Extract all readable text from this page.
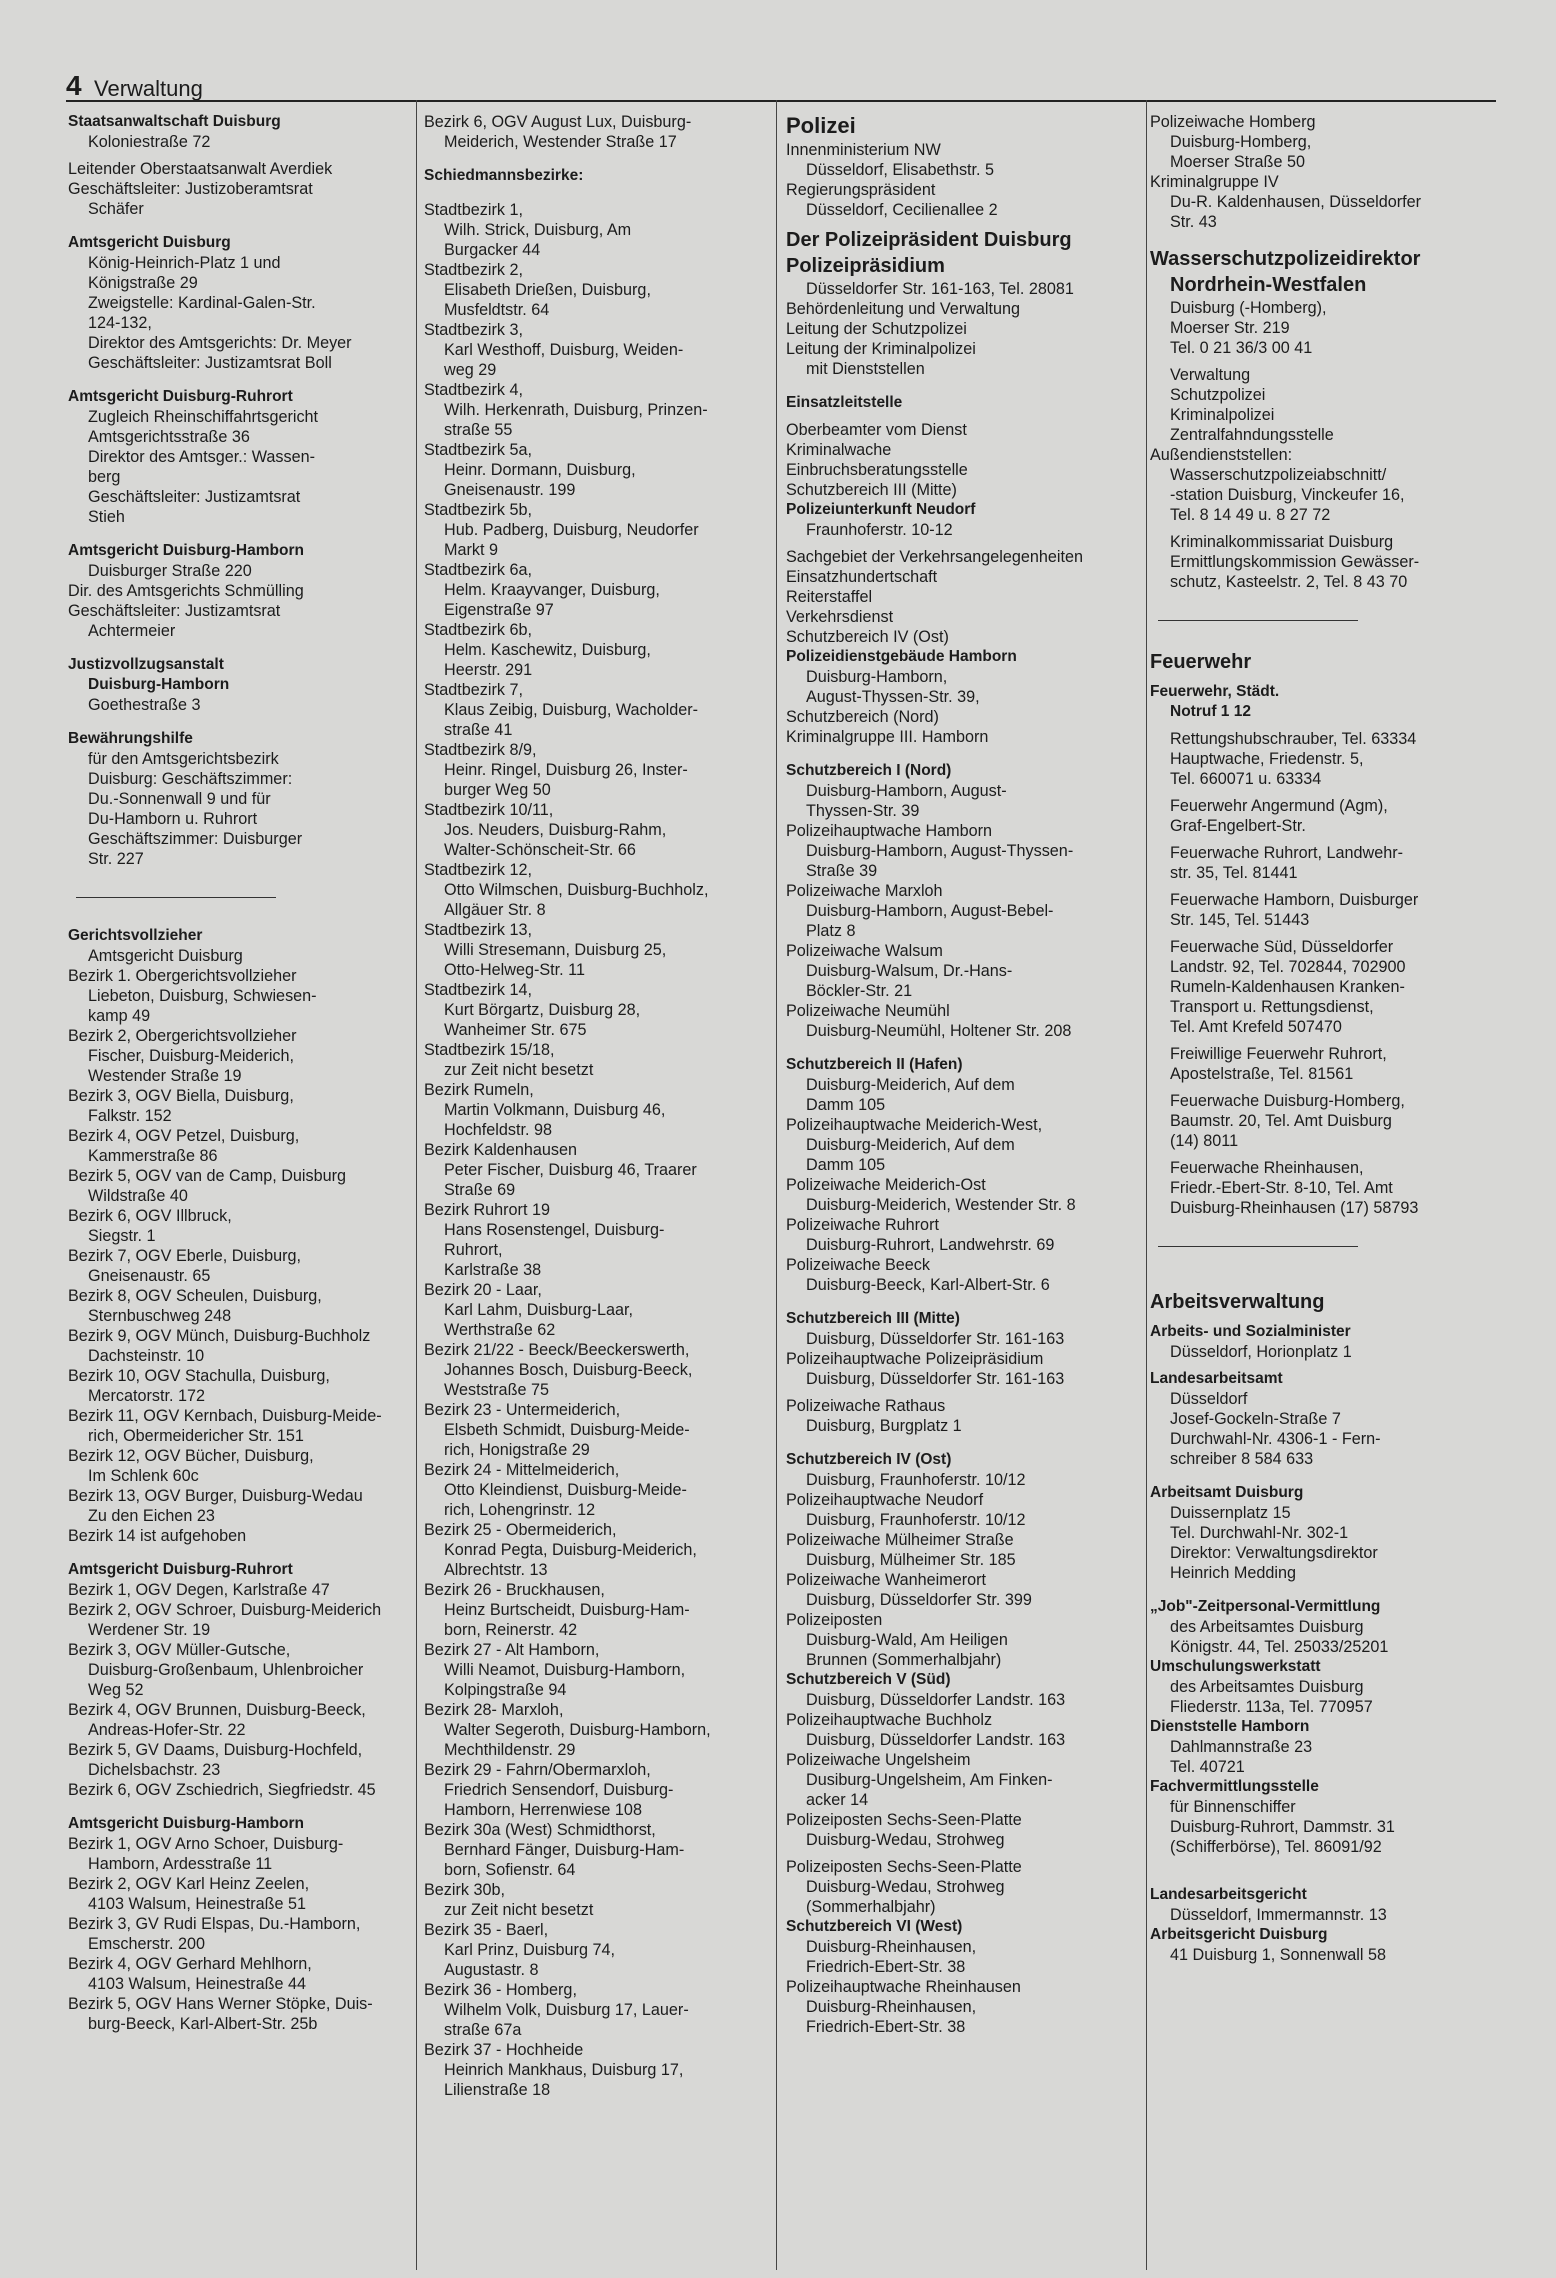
4 Verwaltung
Staatsanwaltschaft Duisburg
Koloniestraße 72
Leitender Oberstaatsanwalt Averdiek
Geschäftsleiter: Justizoberamtsrat
Schäfer
Amtsgericht Duisburg
König-Heinrich-Platz 1 und
Königstraße 29
Zweigstelle: Kardinal-Galen-Str.
124-132,
Direktor des Amtsgerichts: Dr. Meyer
Geschäftsleiter: Justizamtsrat Boll
Amtsgericht Duisburg-Ruhrort
Zugleich Rheinschiffahrtsgericht
Amtsgerichtsstraße 36
Direktor des Amtsger.: Wassen-
berg
Geschäftsleiter: Justizamtsrat
Stieh
Amtsgericht Duisburg-Hamborn
Duisburger Straße 220
Dir. des Amtsgerichts Schmülling
Geschäftsleiter: Justizamtsrat
Achtermeier
Justizvollzugsanstalt
Duisburg-Hamborn
Goethestraße 3
Bewährungshilfe
für den Amtsgerichtsbezirk
Duisburg: Geschäftszimmer:
Du.-Sonnenwall 9 und für
Du-Hamborn u. Ruhrort
Geschäftszimmer: Duisburger
Str. 227
Gerichtsvollzieher
Amtsgericht Duisburg
Bezirk 1. Obergerichtsvollzieher
Liebeton, Duisburg, Schwiesen-
kamp 49
Bezirk 2, Obergerichtsvollzieher
Fischer, Duisburg-Meiderich,
Westender Straße 19
Bezirk 3, OGV Biella, Duisburg,
Falkstr. 152
Bezirk 4, OGV Petzel, Duisburg,
Kammerstraße 86
Bezirk 5, OGV van de Camp, Duisburg
Wildstraße 40
Bezirk 6, OGV Illbruck,
Siegstr. 1
Bezirk 7, OGV Eberle, Duisburg,
Gneisenaustr. 65
Bezirk 8, OGV Scheulen, Duisburg,
Sternbuschweg 248
Bezirk 9, OGV Münch, Duisburg-Buchholz
Dachsteinstr. 10
Bezirk 10, OGV Stachulla, Duisburg,
Mercatorstr. 172
Bezirk 11, OGV Kernbach, Duisburg-Meide-
rich, Obermeidericher Str. 151
Bezirk 12, OGV Bücher, Duisburg,
Im Schlenk 60c
Bezirk 13, OGV Burger, Duisburg-Wedau
Zu den Eichen 23
Bezirk 14 ist aufgehoben
Amtsgericht Duisburg-Ruhrort
Bezirk 1, OGV Degen, Karlstraße 47
Bezirk 2, OGV Schroer, Duisburg-Meiderich
Werdener Str. 19
Bezirk 3, OGV Müller-Gutsche,
Duisburg-Großenbaum, Uhlenbroicher
Weg 52
Bezirk 4, OGV Brunnen, Duisburg-Beeck,
Andreas-Hofer-Str. 22
Bezirk 5, GV Daams, Duisburg-Hochfeld,
Dichelsbachstr. 23
Bezirk 6, OGV Zschiedrich, Siegfriedstr. 45
Amtsgericht Duisburg-Hamborn
Bezirk 1, OGV Arno Schoer, Duisburg-
Hamborn, Ardesstraße 11
Bezirk 2, OGV Karl Heinz Zeelen,
4103 Walsum, Heinestraße 51
Bezirk 3, GV Rudi Elspas, Du.-Hamborn,
Emscherstr. 200
Bezirk 4, OGV Gerhard Mehlhorn,
4103 Walsum, Heinestraße 44
Bezirk 5, OGV Hans Werner Stöpke, Duis-
burg-Beeck, Karl-Albert-Str. 25b
Bezirk 6, OGV August Lux, Duisburg-
Meiderich, Westender Straße 17
Schiedmannsbezirke:
Stadtbezirk 1,
Wilh. Strick, Duisburg, Am
Burgacker 44
Stadtbezirk 2,
Elisabeth Drießen, Duisburg,
Musfeldtstr. 64
Stadtbezirk 3,
Karl Westhoff, Duisburg, Weiden-
weg 29
Stadtbezirk 4,
Wilh. Herkenrath, Duisburg, Prinzen-
straße 55
Stadtbezirk 5a,
Heinr. Dormann, Duisburg,
Gneisenaustr. 199
Stadtbezirk 5b,
Hub. Padberg, Duisburg, Neudorfer
Markt 9
Stadtbezirk 6a,
Helm. Kraayvanger, Duisburg,
Eigenstraße 97
Stadtbezirk 6b,
Helm. Kaschewitz, Duisburg,
Heerstr. 291
Stadtbezirk 7,
Klaus Zeibig, Duisburg, Wacholder-
straße 41
Stadtbezirk 8/9,
Heinr. Ringel, Duisburg 26, Inster-
burger Weg 50
Stadtbezirk 10/11,
Jos. Neuders, Duisburg-Rahm,
Walter-Schönscheit-Str. 66
Stadtbezirk 12,
Otto Wilmschen, Duisburg-Buchholz,
Allgäuer Str. 8
Stadtbezirk 13,
Willi Stresemann, Duisburg 25,
Otto-Helweg-Str. 11
Stadtbezirk 14,
Kurt Börgartz, Duisburg 28,
Wanheimer Str. 675
Stadtbezirk 15/18,
zur Zeit nicht besetzt
Bezirk Rumeln,
Martin Volkmann, Duisburg 46,
Hochfeldstr. 98
Bezirk Kaldenhausen
Peter Fischer, Duisburg 46, Traarer
Straße 69
Bezirk Ruhrort 19
Hans Rosenstengel, Duisburg-
Ruhrort,
Karlstraße 38
Bezirk 20 - Laar,
Karl Lahm, Duisburg-Laar,
Werthstraße 62
Bezirk 21/22 - Beeck/Beeckerswerth,
Johannes Bosch, Duisburg-Beeck,
Weststraße 75
Bezirk 23 - Untermeiderich,
Elsbeth Schmidt, Duisburg-Meide-
rich, Honigstraße 29
Bezirk 24 - Mittelmeiderich,
Otto Kleindienst, Duisburg-Meide-
rich, Lohengrinstr. 12
Bezirk 25 - Obermeiderich,
Konrad Pegta, Duisburg-Meiderich,
Albrechtstr. 13
Bezirk 26 - Bruckhausen,
Heinz Burtscheidt, Duisburg-Ham-
born, Reinerstr. 42
Bezirk 27 - Alt Hamborn,
Willi Neamot, Duisburg-Hamborn,
Kolpingstraße 94
Bezirk 28- Marxloh,
Walter Segeroth, Duisburg-Hamborn,
Mechthildenstr. 29
Bezirk 29 - Fahrn/Obermarxloh,
Friedrich Sensendorf, Duisburg-
Hamborn, Herrenwiese 108
Bezirk 30a (West) Schmidthorst,
Bernhard Fänger, Duisburg-Ham-
born, Sofienstr. 64
Bezirk 30b,
zur Zeit nicht besetzt
Bezirk 35 - Baerl,
Karl Prinz, Duisburg 74,
Augustastr. 8
Bezirk 36 - Homberg,
Wilhelm Volk, Duisburg 17, Lauer-
straße 67a
Bezirk 37 - Hochheide
Heinrich Mankhaus, Duisburg 17,
Lilienstraße 18
Polizei
Innenministerium NW
Düsseldorf, Elisabethstr. 5
Regierungspräsident
Düsseldorf, Cecilienallee 2
Der Polizeipräsident Duisburg
Polizeipräsidium
Düsseldorfer Str. 161-163, Tel. 28081
Behördenleitung und Verwaltung
Leitung der Schutzpolizei
Leitung der Kriminalpolizei
mit Dienststellen
Einsatzleitstelle
Oberbeamter vom Dienst
Kriminalwache
Einbruchsberatungsstelle
Schutzbereich III (Mitte)
Polizeiunterkunft Neudorf
Fraunhoferstr. 10-12
Sachgebiet der Verkehrsangelegenheiten
Einsatzhundertschaft
Reiterstaffel
Verkehrsdienst
Schutzbereich IV (Ost)
Polizeidienstgebäude Hamborn
Duisburg-Hamborn,
August-Thyssen-Str. 39,
Schutzbereich (Nord)
Kriminalgruppe III. Hamborn
Schutzbereich I (Nord)
Duisburg-Hamborn, August-
Thyssen-Str. 39
Polizeihauptwache Hamborn
Duisburg-Hamborn, August-Thyssen-
Straße 39
Polizeiwache Marxloh
Duisburg-Hamborn, August-Bebel-
Platz 8
Polizeiwache Walsum
Duisburg-Walsum, Dr.-Hans-
Böckler-Str. 21
Polizeiwache Neumühl
Duisburg-Neumühl, Holtener Str. 208
Schutzbereich II (Hafen)
Duisburg-Meiderich, Auf dem
Damm 105
Polizeihauptwache Meiderich-West,
Duisburg-Meiderich, Auf dem
Damm 105
Polizeiwache Meiderich-Ost
Duisburg-Meiderich, Westender Str. 8
Polizeiwache Ruhrort
Duisburg-Ruhrort, Landwehrstr. 69
Polizeiwache Beeck
Duisburg-Beeck, Karl-Albert-Str. 6
Schutzbereich III (Mitte)
Duisburg, Düsseldorfer Str. 161-163
Polizeihauptwache Polizeipräsidium
Duisburg, Düsseldorfer Str. 161-163
Polizeiwache Rathaus
Duisburg, Burgplatz 1
Schutzbereich IV (Ost)
Duisburg, Fraunhoferstr. 10/12
Polizeihauptwache Neudorf
Duisburg, Fraunhoferstr. 10/12
Polizeiwache Mülheimer Straße
Duisburg, Mülheimer Str. 185
Polizeiwache Wanheimerort
Duisburg, Düsseldorfer Str. 399
Polizeiposten
Duisburg-Wald, Am Heiligen
Brunnen (Sommerhalbjahr)
Schutzbereich V (Süd)
Duisburg, Düsseldorfer Landstr. 163
Polizeihauptwache Buchholz
Duisburg, Düsseldorfer Landstr. 163
Polizeiwache Ungelsheim
Dusiburg-Ungelsheim, Am Finken-
acker 14
Polizeiposten Sechs-Seen-Platte
Duisburg-Wedau, Strohweg
Polizeiposten Sechs-Seen-Platte
Duisburg-Wedau, Strohweg
(Sommerhalbjahr)
Schutzbereich VI (West)
Duisburg-Rheinhausen,
Friedrich-Ebert-Str. 38
Polizeihauptwache Rheinhausen
Duisburg-Rheinhausen,
Friedrich-Ebert-Str. 38
Polizeiwache Homberg
Duisburg-Homberg,
Moerser Straße 50
Kriminalgruppe IV
Du-R. Kaldenhausen, Düsseldorfer
Str. 43
Wasserschutzpolizeidirektor
Nordrhein-Westfalen
Duisburg (-Homberg),
Moerser Str. 219
Tel. 0 21 36/3 00 41
Verwaltung
Schutzpolizei
Kriminalpolizei
Zentralfahndungsstelle
Außendienststellen:
Wasserschutzpolizeiabschnitt/
-station Duisburg, Vinckeufer 16,
Tel. 8 14 49 u. 8 27 72
Kriminalkommissariat Duisburg
Ermittlungskommission Gewässer-
schutz, Kasteelstr. 2, Tel. 8 43 70
Feuerwehr
Feuerwehr, Städt.
Notruf 1 12
Rettungshubschrauber, Tel. 63334
Hauptwache, Friedenstr. 5,
Tel. 660071 u. 63334
Feuerwehr Angermund (Agm),
Graf-Engelbert-Str.
Feuerwache Ruhrort, Landwehr-
str. 35, Tel. 81441
Feuerwache Hamborn, Duisburger
Str. 145, Tel. 51443
Feuerwache Süd, Düsseldorfer
Landstr. 92, Tel. 702844, 702900
Rumeln-Kaldenhausen Kranken-
Transport u. Rettungsdienst,
Tel. Amt Krefeld 507470
Freiwillige Feuerwehr Ruhrort,
Apostelstraße, Tel. 81561
Feuerwache Duisburg-Homberg,
Baumstr. 20, Tel. Amt Duisburg
(14) 8011
Feuerwache Rheinhausen,
Friedr.-Ebert-Str. 8-10, Tel. Amt
Duisburg-Rheinhausen (17) 58793
Arbeitsverwaltung
Arbeits- und Sozialminister
Düsseldorf, Horionplatz 1
Landesarbeitsamt
Düsseldorf
Josef-Gockeln-Straße 7
Durchwahl-Nr. 4306-1 - Fern-
schreiber 8 584 633
Arbeitsamt Duisburg
Duissernplatz 15
Tel. Durchwahl-Nr. 302-1
Direktor: Verwaltungsdirektor
Heinrich Medding
„Job"-Zeitpersonal-Vermittlung
des Arbeitsamtes Duisburg
Königstr. 44, Tel. 25033/25201
Umschulungswerkstatt
des Arbeitsamtes Duisburg
Fliederstr. 113a, Tel. 770957
Dienststelle Hamborn
Dahlmannstraße 23
Tel. 40721
Fachvermittlungsstelle
für Binnenschiffer
Duisburg-Ruhrort, Dammstr. 31
(Schifferbörse), Tel. 86091/92
Landesarbeitsgericht
Düsseldorf, Immermannstr. 13
Arbeitsgericht Duisburg
41 Duisburg 1, Sonnenwall 58
